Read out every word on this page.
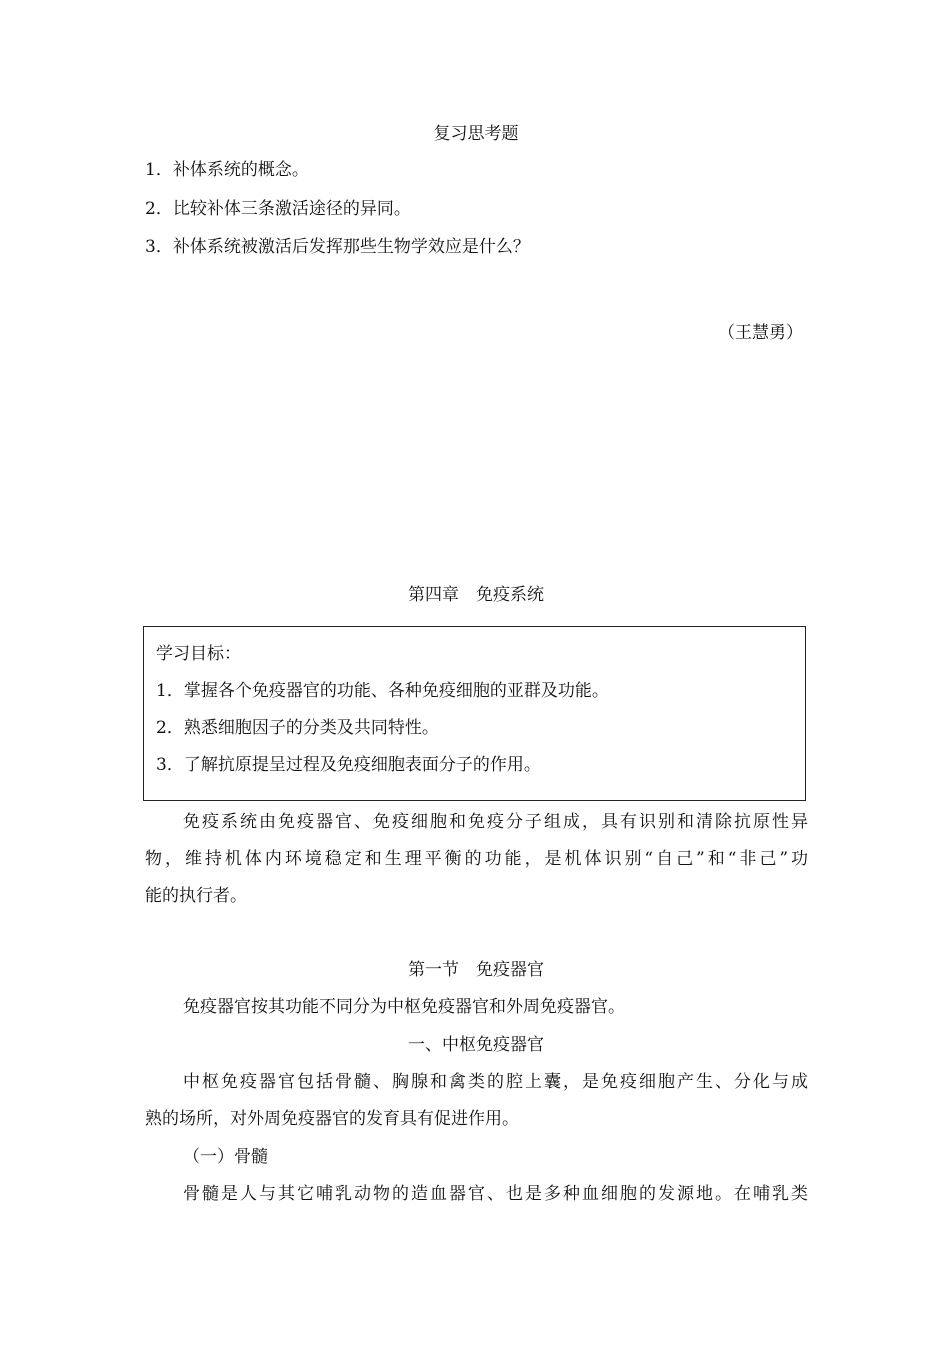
复习思考题
1．补体系统的概念。
2．比较补体三条激活途径的异同。
3．补体系统被激活后发挥那些生物学效应是什么？
（王慧勇）
第四章　免疫系统
学习目标：
1．掌握各个免疫器官的功能、各种免疫细胞的亚群及功能。
2．熟悉细胞因子的分类及共同特性。
3．了解抗原提呈过程及免疫细胞表面分子的作用。
免疫系统由免疫器官、免疫细胞和免疫分子组成，具有识别和清除抗原性异
物，维持机体内环境稳定和生理平衡的功能，是机体识别“自己”和“非己”功
能的执行者。
第一节　免疫器官
免疫器官按其功能不同分为中枢免疫器官和外周免疫器官。
一、中枢免疫器官
中枢免疫器官包括骨髓、胸腺和禽类的腔上囊，是免疫细胞产生、分化与成
熟的场所，对外周免疫器官的发育具有促进作用。
（一）骨髓
骨髓是人与其它哺乳动物的造血器官、也是多种血细胞的发源地。在哺乳类
